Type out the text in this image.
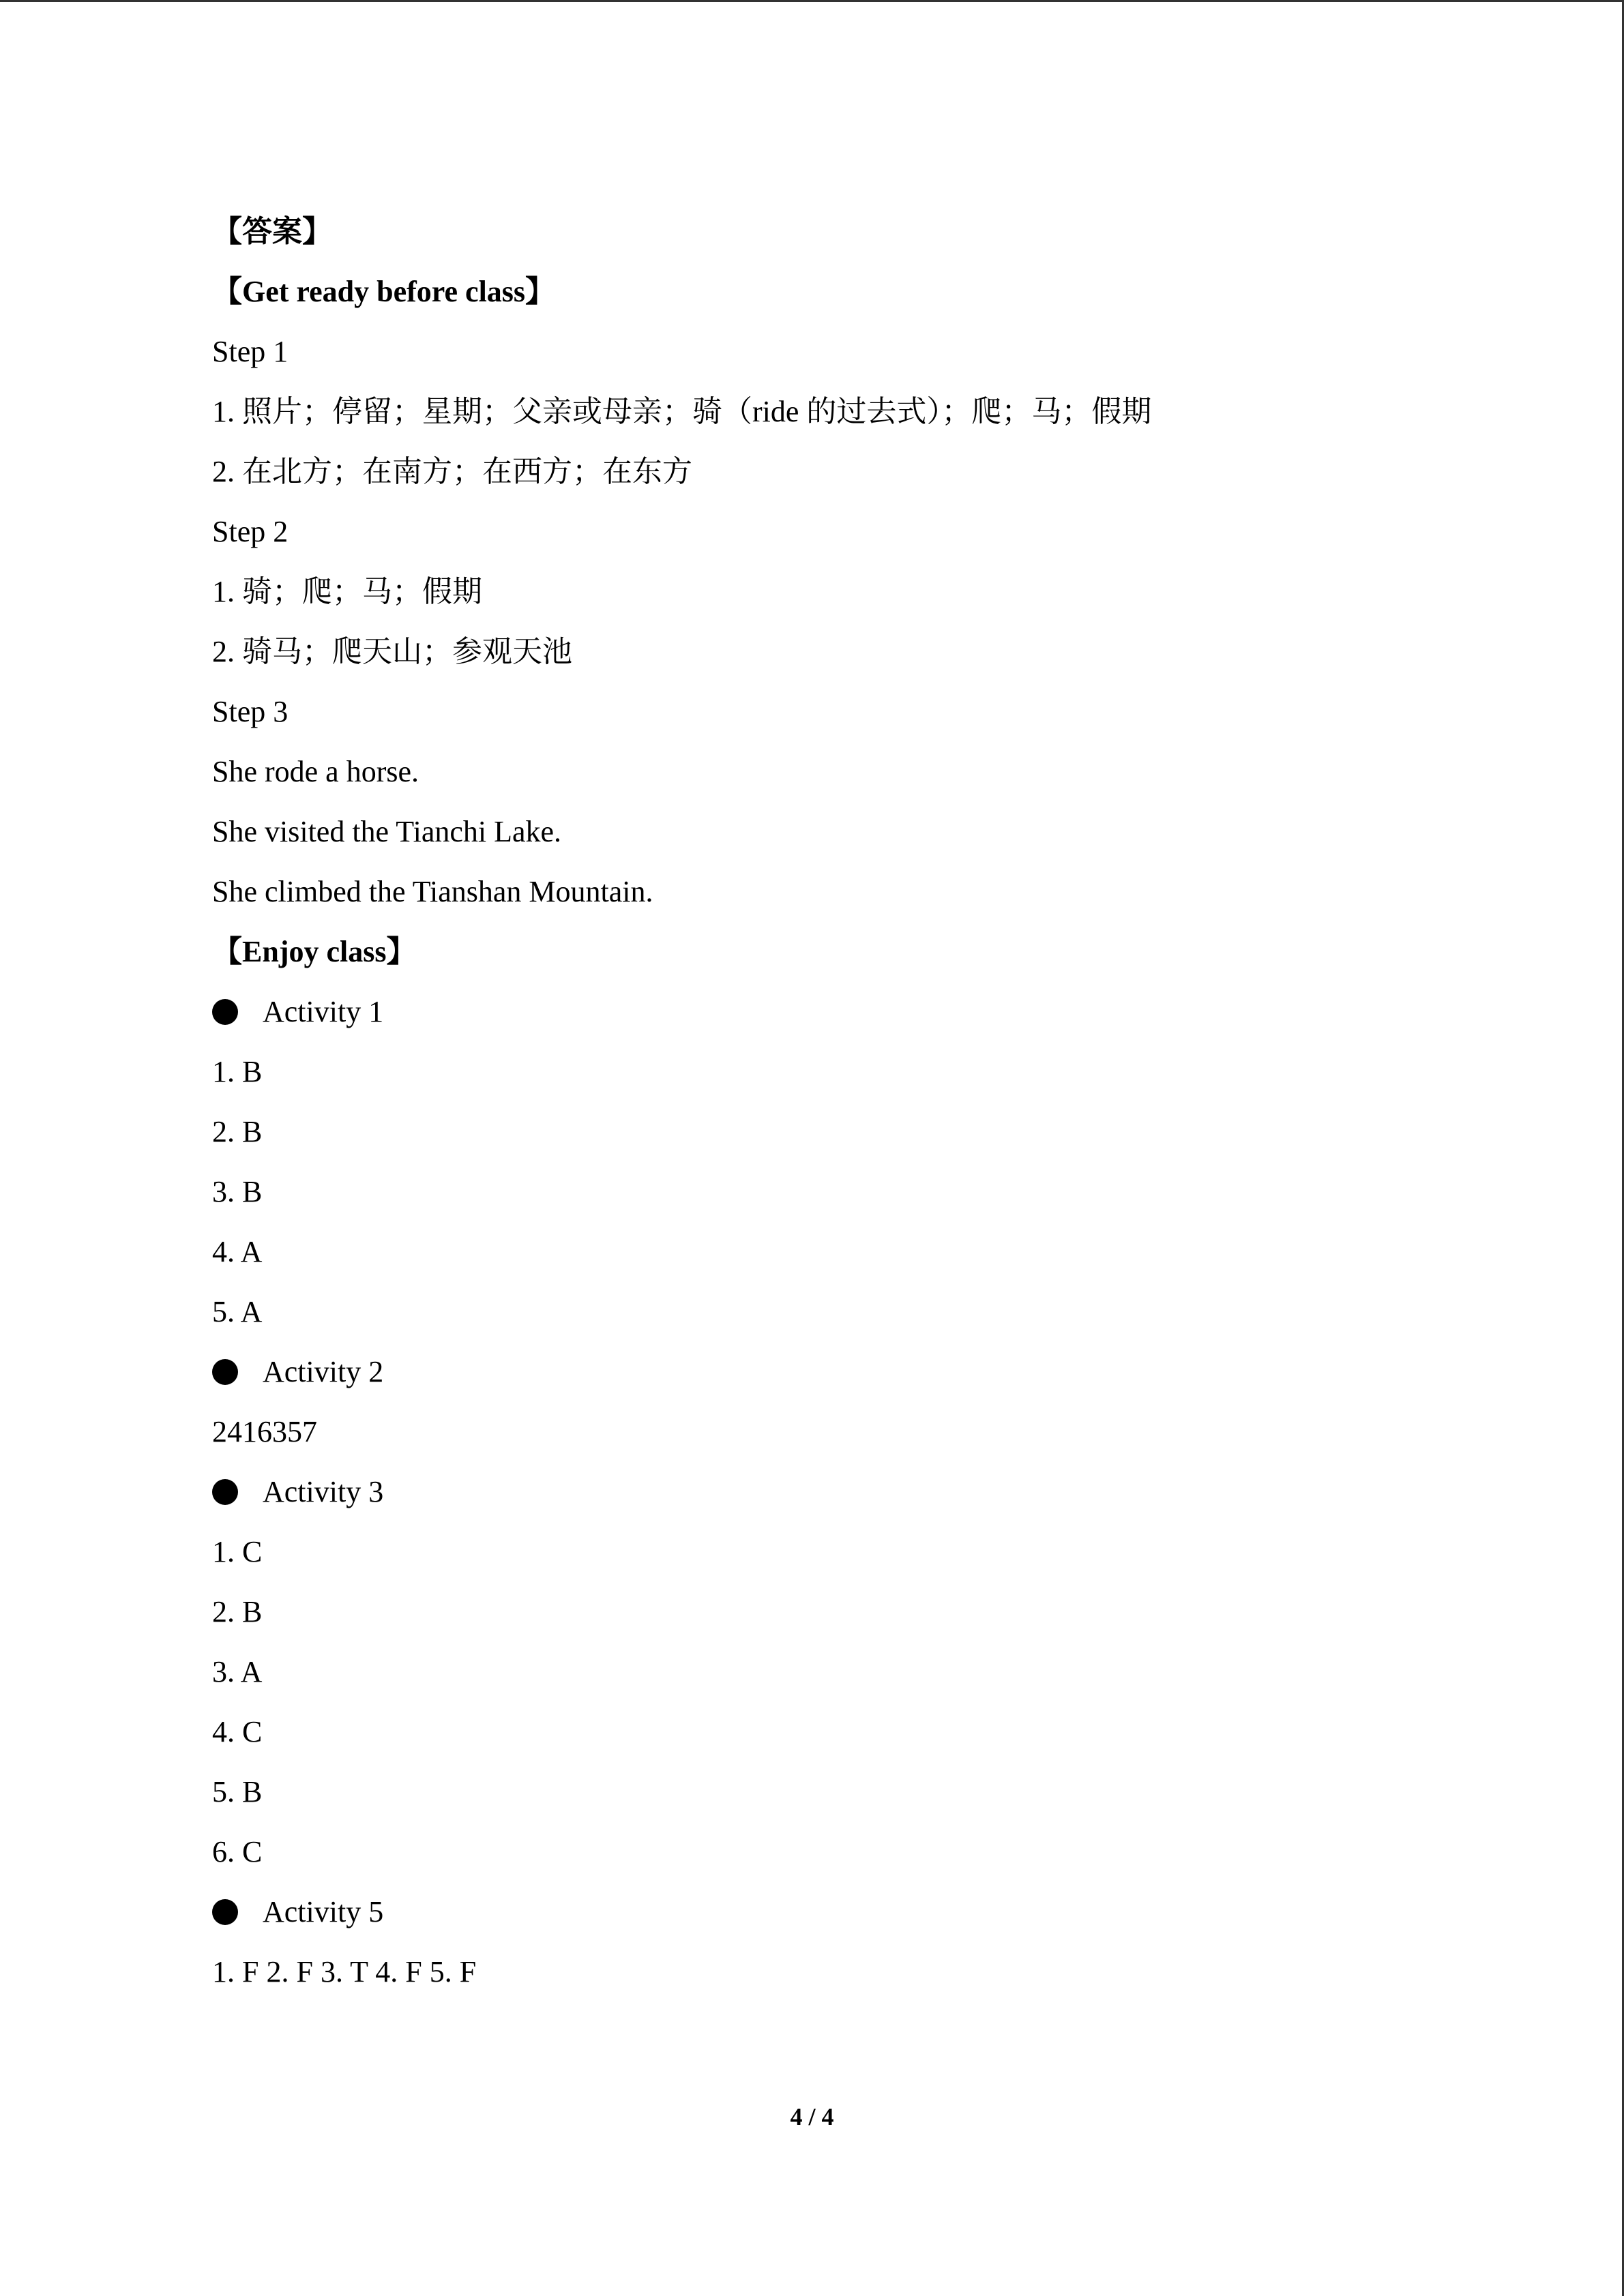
【答案】
【Get ready before class】
Step 1
1. 照片；停留；星期；父亲或母亲；骑（ride 的过去式）；爬；马；假期
2. 在北方；在南方；在西方；在东方
Step 2
1. 骑；爬；马；假期
2. 骑马；爬天山；参观天池
Step 3
She rode a horse.
She visited the Tianchi Lake.
She climbed the Tianshan Mountain.
【Enjoy class】
Activity 1
1. B
2. B
3. B
4. A
5. A
Activity 2
2416357
Activity 3
1. C
2. B
3. A
4. C
5. B
6. C
Activity 5
1. F 2. F 3. T 4. F 5. F
4 / 4
